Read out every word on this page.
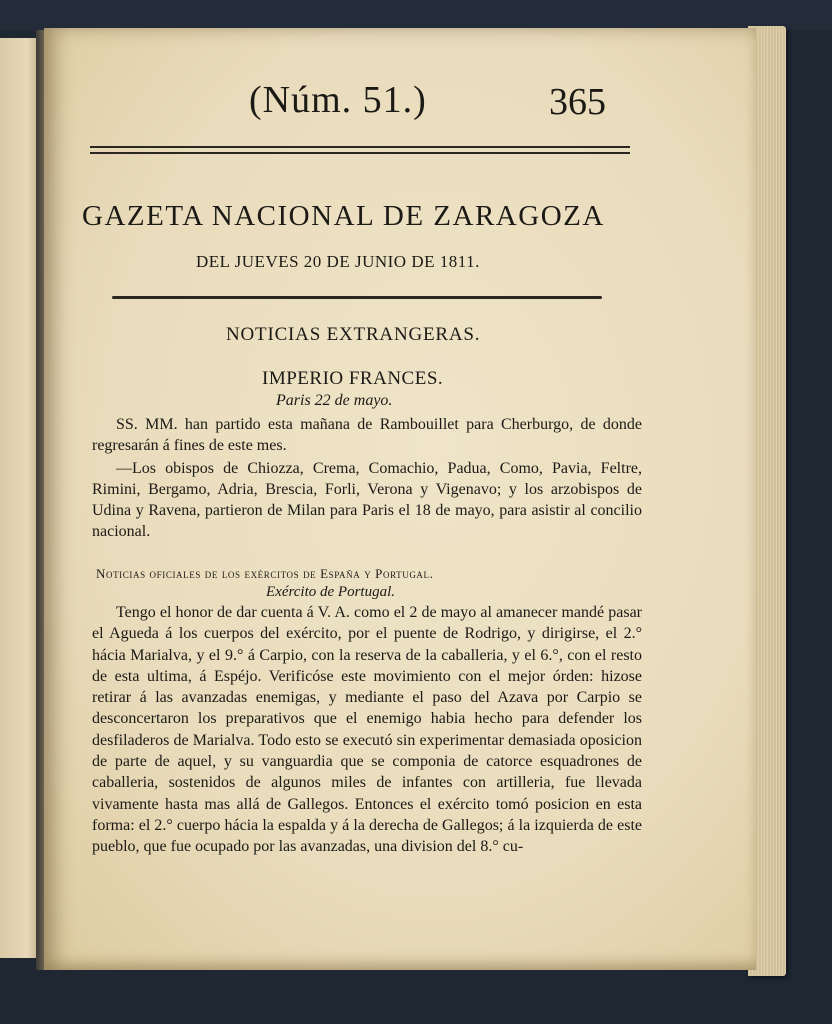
(Núm. 51.)	365
GAZETA NACIONAL DE ZARAGOZA
DEL JUEVES 20 DE JUNIO DE 1811.
NOTICIAS EXTRANGERAS.
IMPERIO FRANCES.
Paris 22 de mayo.

SS. MM. han partido esta mañana de Rambouillet para Cherburgo, de donde regresarán á fines de este mes.

—Los obispos de Chiozza, Crema, Comachio, Padua, Como, Pavia, Feltre, Rimini, Bergamo, Adria, Brescia, Forli, Verona y Vigenavo; y los arzobispos de Udina y Ravena, partieron de Milan para Paris el 18 de mayo, para asistir al concilio nacional.

Noticias oficiales de los exércitos de España y Portugal.
Exército de Portugal.

Tengo el honor de dar cuenta á V. A. como el 2 de mayo al amanecer mandé pasar el Agueda á los cuerpos del exército, por el puente de Rodrigo, y dirigirse, el 2.° hácia Marialva, y el 9.° á Carpio, con la reserva de la caballeria, y el 6.°, con el resto de esta ultima, á Espéjo. Verificóse este movimiento con el mejor órden: hizose retirar á las avanzadas enemigas, y mediante el paso del Azava por Carpio se desconcertaron los preparativos que el enemigo habia hecho para defender los desfiladeros de Marialva. Todo esto se executó sin experimentar demasiada oposicion de parte de aquel, y su vanguardia que se componia de catorce esquadrones de caballeria, sostenidos de algunos miles de infantes con artilleria, fue llevada vivamente hasta mas allá de Gallegos. Entonces el exército tomó posicion en esta forma: el 2.° cuerpo hácia la espalda y á la derecha de Gallegos; á la izquierda de este pueblo, que fue ocupado por las avanzadas, una division del 8.° cu-
